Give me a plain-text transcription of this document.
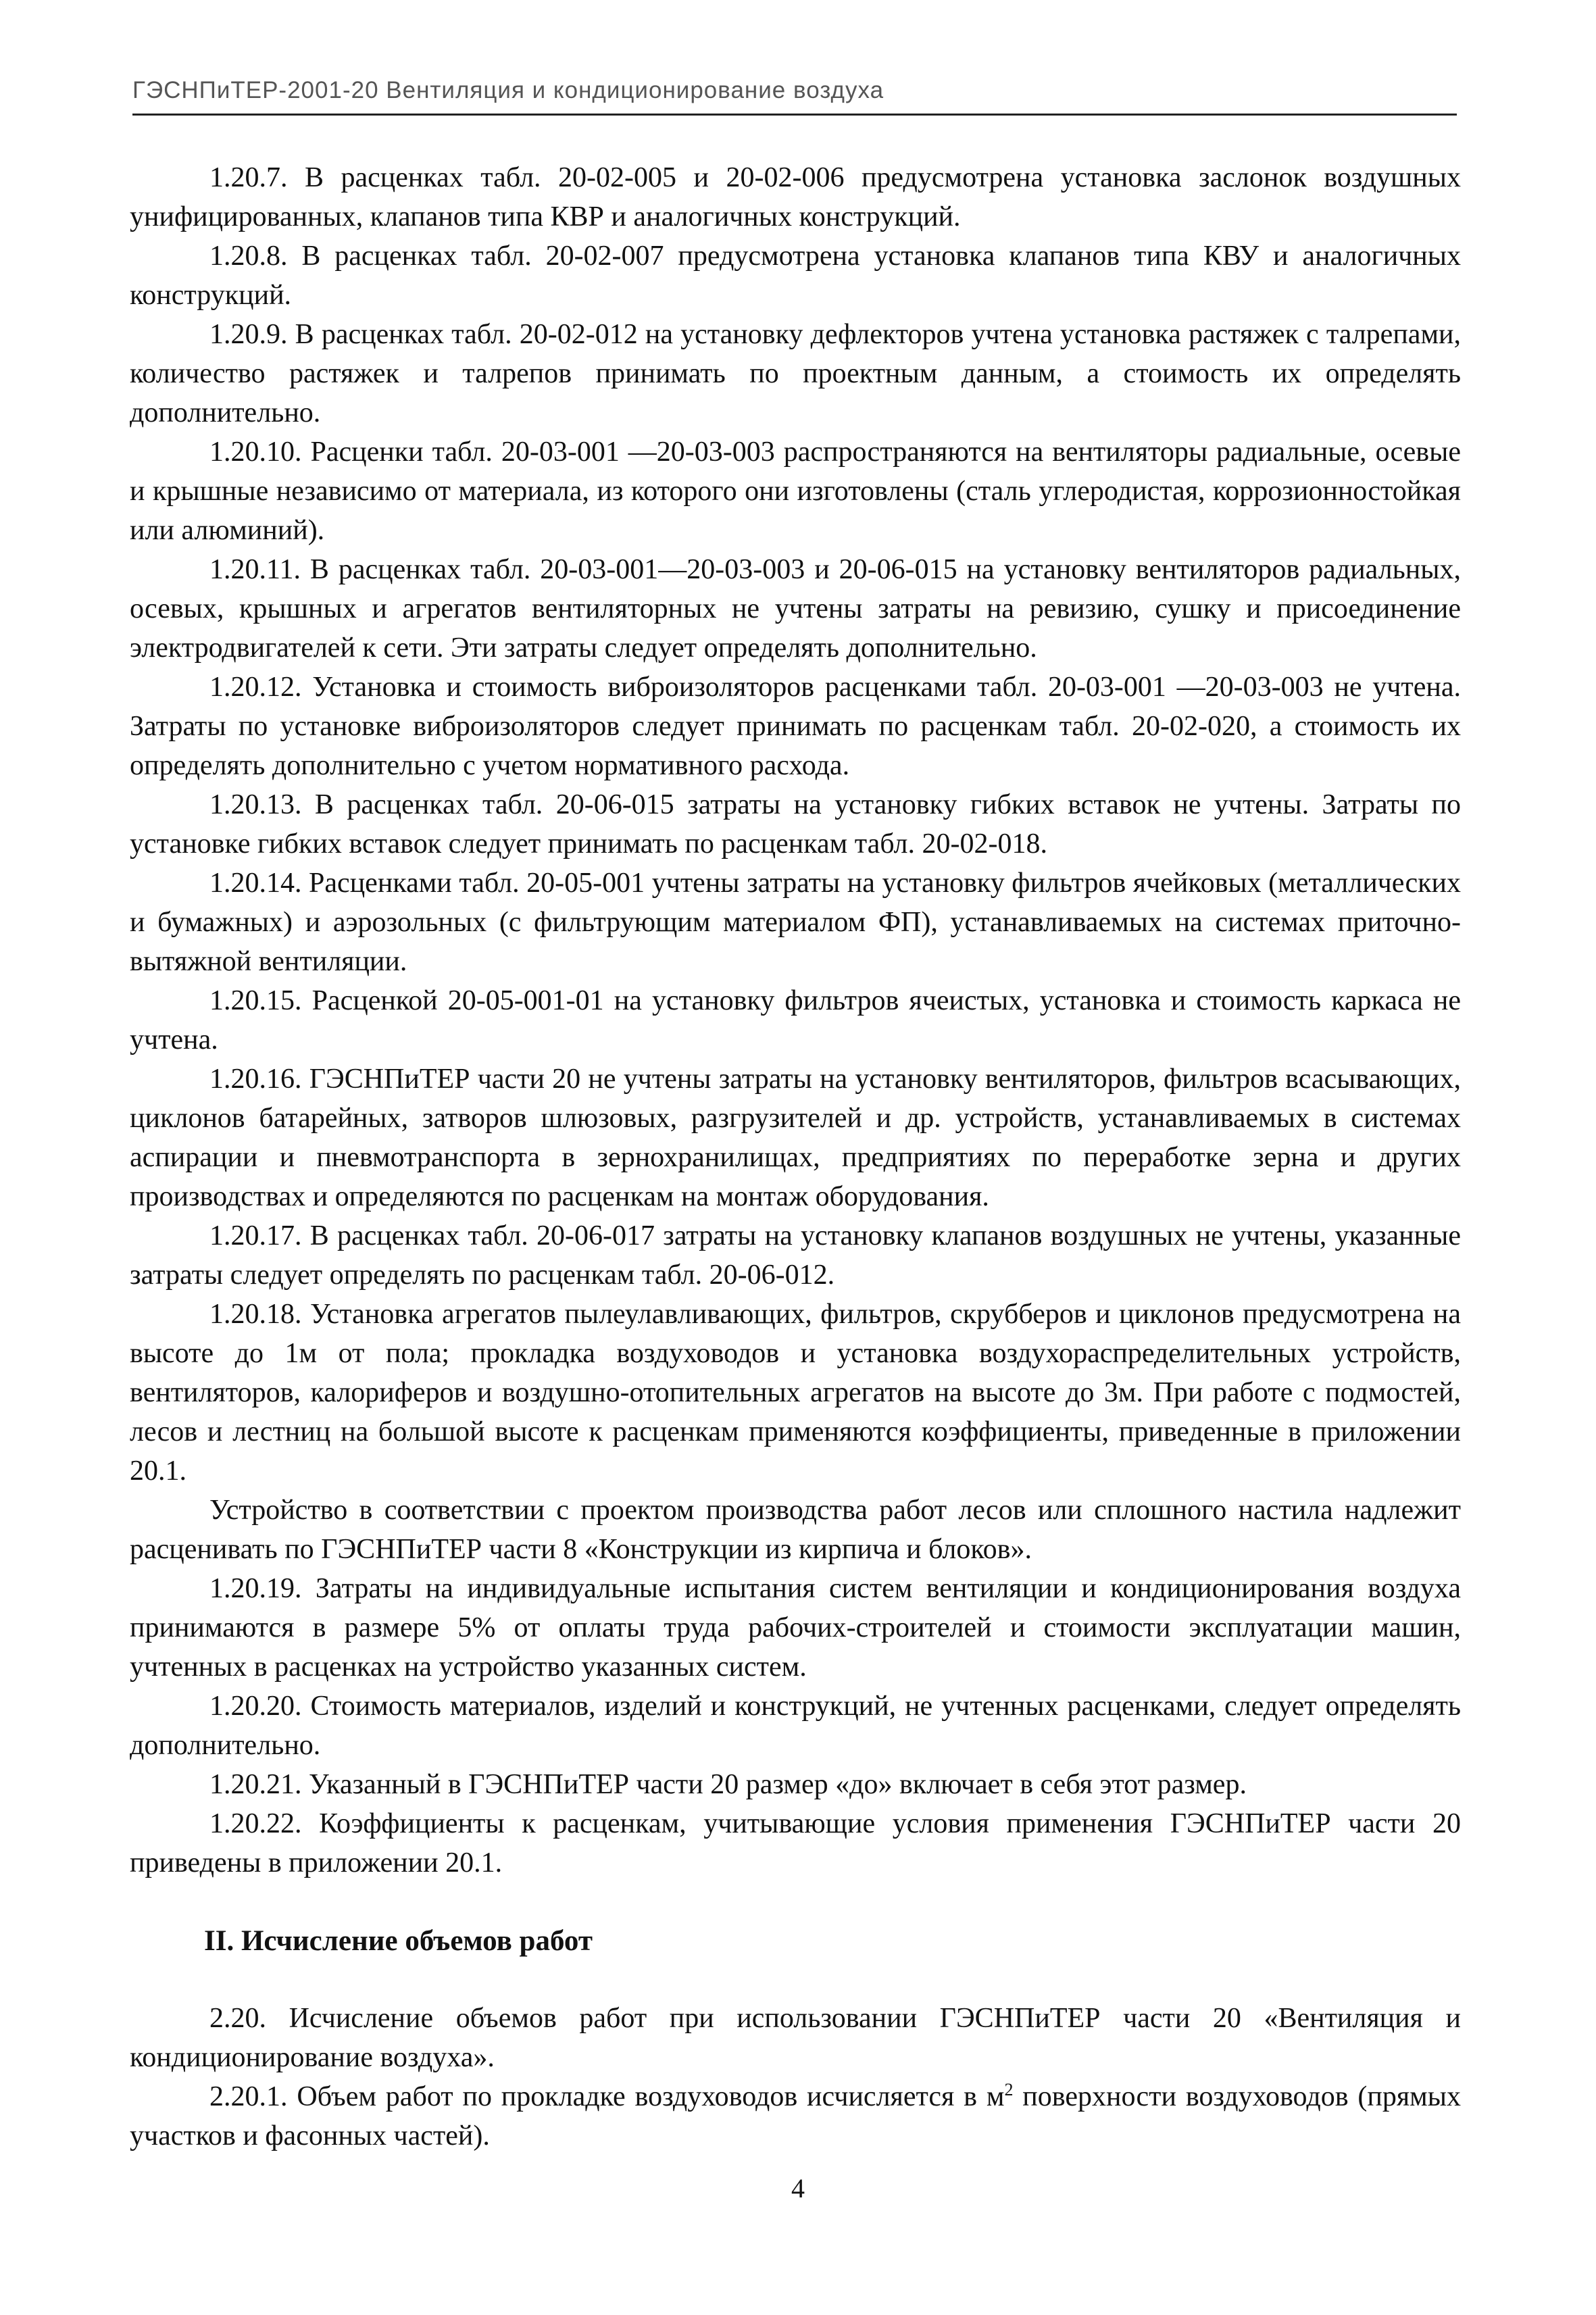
ГЭСНПиТЕР-2001-20 Вентиляция и кондиционирование воздуха

1.20.7. В расценках табл. 20-02-005 и 20-02-006 предусмотрена установка заслонок воздушных унифицированных, клапанов типа КВР и аналогичных конструкций.

1.20.8. В расценках табл. 20-02-007 предусмотрена установка клапанов типа КВУ и аналогичных конструкций.

1.20.9. В расценках табл. 20-02-012 на установку дефлекторов учтена установка растяжек с талрепами, количество растяжек и талрепов принимать по проектным данным, а стоимость их определять дополнительно.

1.20.10. Расценки табл. 20-03-001 —20-03-003 распространяются на вентиляторы радиальные, осевые и крышные независимо от материала, из которого они изготовлены (сталь углеродистая, коррозионностойкая или алюминий).

1.20.11. В расценках табл. 20-03-001—20-03-003 и 20-06-015 на установку вентиляторов радиальных, осевых, крышных и агрегатов вентиляторных не учтены затраты на ревизию, сушку и присоединение электродвигателей к сети. Эти затраты следует определять дополнительно.

1.20.12. Установка и стоимость виброизоляторов расценками табл. 20-03-001 —20-03-003 не учтена. Затраты по установке виброизоляторов следует принимать по расценкам табл. 20-02-020, а стоимость их определять дополнительно с учетом нормативного расхода.

1.20.13. В расценках табл. 20-06-015 затраты на установку гибких вставок не учтены. Затраты по установке гибких вставок следует принимать по расценкам табл. 20-02-018.

1.20.14. Расценками табл. 20-05-001 учтены затраты на установку фильтров ячейковых (металлических и бумажных) и аэрозольных (с фильтрующим материалом ФП), устанавливаемых на системах приточно-вытяжной вентиляции.

1.20.15. Расценкой 20-05-001-01 на установку фильтров ячеистых, установка и стоимость каркаса не учтена.

1.20.16. ГЭСНПиТЕР части 20 не учтены затраты на установку вентиляторов, фильтров всасывающих, циклонов батарейных, затворов шлюзовых, разгрузителей и др. устройств, устанавливаемых в системах аспирации и пневмотранспорта в зернохранилищах, предприятиях по переработке зерна и других производствах и определяются по расценкам на монтаж оборудования.

1.20.17. В расценках табл. 20-06-017 затраты на установку клапанов воздушных не учтены, указанные затраты следует определять по расценкам табл. 20-06-012.

1.20.18. Установка агрегатов пылеулавливающих, фильтров, скрубберов и циклонов предусмотрена на высоте до 1м от пола; прокладка воздуховодов и установка воздухораспределительных устройств, вентиляторов, калориферов и воздушно-отопительных агрегатов на высоте до 3м. При работе с подмостей, лесов и лестниц на большой высоте к расценкам применяются коэффициенты, приведенные в приложении 20.1.

Устройство в соответствии с проектом производства работ лесов или сплошного настила надлежит расценивать по ГЭСНПиТЕР части 8 «Конструкции из кирпича и блоков».

1.20.19. Затраты на индивидуальные испытания систем вентиляции и кондиционирования воздуха принимаются в размере 5% от оплаты труда рабочих-строителей и стоимости эксплуатации машин, учтенных в расценках на устройство указанных систем.

1.20.20. Стоимость материалов, изделий и конструкций, не учтенных расценками, следует определять дополнительно.

1.20.21. Указанный в ГЭСНПиТЕР части 20 размер «до» включает в себя этот размер.

1.20.22. Коэффициенты к расценкам, учитывающие условия применения ГЭСНПиТЕР части 20 приведены в приложении 20.1.

II. Исчисление объемов работ

2.20. Исчисление объемов работ при использовании ГЭСНПиТЕР части 20 «Вентиляция и кондиционирование воздуха».

2.20.1. Объем работ по прокладке воздуховодов исчисляется в $м^2$ поверхности воздуховодов (прямых участков и фасонных частей).

4
